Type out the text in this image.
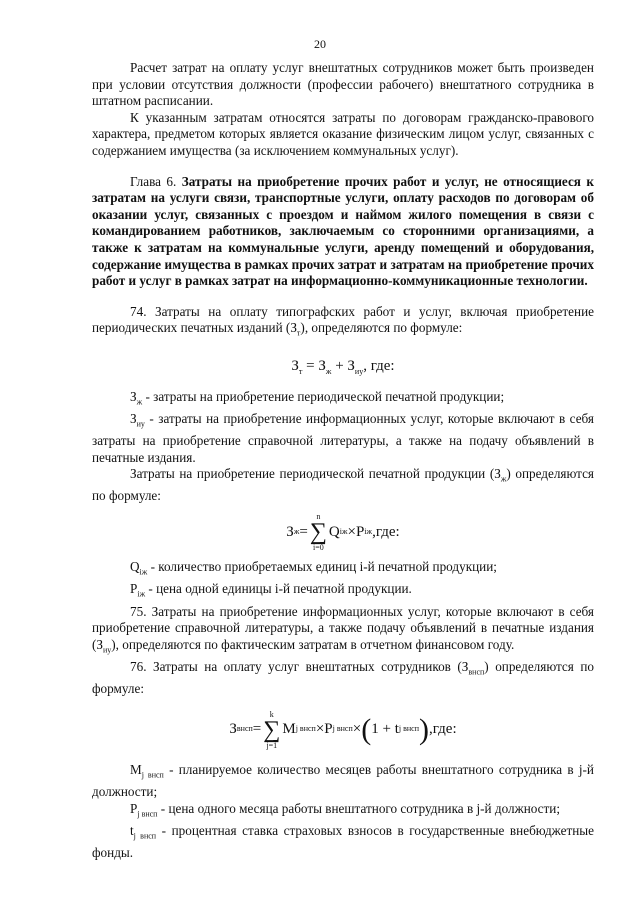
20

Расчет затрат на оплату услуг внештатных сотрудников может быть произведен при условии отсутствия должности (профессии рабочего) внештатного сотрудника в штатном расписании.

К указанным затратам относятся затраты по договорам гражданско-правового характера, предметом которых является оказание физическим лицом услуг, связанных с содержанием имущества (за исключением коммунальных услуг).

Глава 6. Затраты на приобретение прочих работ и услуг, не относящиеся к затратам на услуги связи, транспортные услуги, оплату расходов по договорам об оказании услуг, связанных с проездом и наймом жилого помещения в связи с командированием работников, заключаемым со сторонними организациями, а также к затратам на коммунальные услуги, аренду помещений и оборудования, содержание имущества в рамках прочих затрат и затратам на приобретение прочих работ и услуг в рамках затрат на информационно-коммуникационные технологии.

74. Затраты на оплату типографских работ и услуг, включая приобретение периодических печатных изданий $(З_т)$, определяются по формуле:

$З_т = З_ж + З_{иу}$, где:

$З_ж$ - затраты на приобретение периодической печатной продукции;

$З_{иу}$ - затраты на приобретение информационных услуг, которые включают в себя затраты на приобретение справочной литературы, а также на подачу объявлений в печатные издания.

Затраты на приобретение периодической печатной продукции $(З_ж)$ определяются по формуле:

З ж =
n
∑
i=0
Q iж × P iж ,где:

$Q_{iж}$ - количество приобретаемых единиц i-й печатной продукции;

$P_{iж}$ - цена одной единицы i-й печатной продукции.

75. Затраты на приобретение информационных услуг, которые включают в себя приобретение справочной литературы, а также подачу объявлений в печатные издания $(З_{иу})$, определяются по фактическим затратам в отчетном финансовом году.

76. Затраты на оплату услуг внештатных сотрудников $(З_{внсп})$ определяются по формуле:

З внсп =
k
∑
j=1
M j внсп × P j внсп × ( 1 + t j внсп ) ,где:

$M_{j внсп}$ - планируемое количество месяцев работы внештатного сотрудника в j-й должности;

$P_{j внсп}$ - цена одного месяца работы внештатного сотрудника в j-й должности;

$t_{j внсп}$ - процентная ставка страховых взносов в государственные внебюджетные фонды.
